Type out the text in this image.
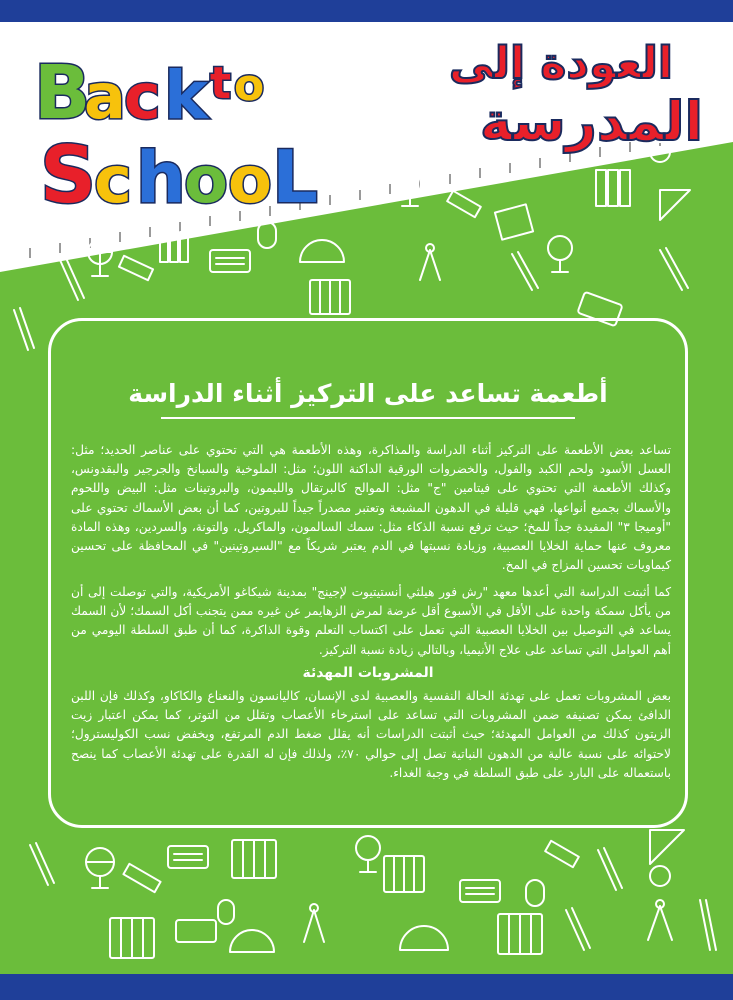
B
a
c k t o
S
c h
o o L
العودة إلى
المدرسة
أطعمة تساعد على التركيز أثناء الدراسة

تساعد بعض الأطعمة على التركيز أثناء الدراسة والمذاكرة، وهذه الأطعمة هي التي تحتوي على عناصر الحديد؛ مثل: العسل الأسود ولحم الكبد والفول، والخضروات الورقية الداكنة اللون؛ مثل: الملوخية والسبانخ والجرجير والبقدونس، وكذلك الأطعمة التي تحتوي على فيتامين "ج" مثل: الموالح كالبرتقال والليمون، والبروتينات مثل: البيض واللحوم والأسماك بجميع أنواعها، فهي قليلة في الدهون المشبعة وتعتبر مصدراً جيداً للبروتين، كما أن بعض الأسماك تحتوي على "أوميجا ٣" المفيدة جداً للمخ؛ حيث ترفع نسبة الذكاء مثل: سمك السالمون، والماكريل، والتونة، والسردين، وهذه المادة معروف عنها حماية الخلايا العصبية، وزيادة نسبتها في الدم يعتبر شريكاً مع "السيروتينين" في المحافظة على تحسين كيماويات تحسين المزاج في المخ.

كما أثبتت الدراسة التي أعدها معهد "رش فور هيلثي أنستيتيوت لإجينج" بمدينة شيكاغو الأمريكية، والتي توصلت إلى أن من يأكل سمكة واحدة على الأقل في الأسبوع أقل عرضة لمرض الزهايمر عن غيره ممن يتجنب أكل السمك؛ لأن السمك يساعد في التوصيل بين الخلايا العصبية التي تعمل على اكتساب التعلم وقوة الذاكرة، كما أن طبق السلطة اليومي من أهم العوامل التي تساعد على علاج الأنيميا، وبالتالي زيادة نسبة التركيز.

المشروبات المهدئة

بعض المشروبات تعمل على تهدئة الحالة النفسية والعصبية لدى الإنسان، كاليانسون والنعناع والكاكاو، وكذلك فإن اللبن الدافئ يمكن تصنيفه ضمن المشروبات التي تساعد على استرخاء الأعصاب وتقلل من التوتر، كما يمكن اعتبار زيت الزيتون كذلك من العوامل المهدئة؛ حيث أثبتت الدراسات أنه يقلل ضغط الدم المرتفع، ويخفض نسب الكوليسترول؛ لاحتوائه على نسبة عالية من الدهون النباتية تصل إلى حوالي ٧٠٪، ولذلك فإن له القدرة على تهدئة الأعصاب كما ينصح باستعماله على البارد على طبق السلطة في وجبة الغداء.
